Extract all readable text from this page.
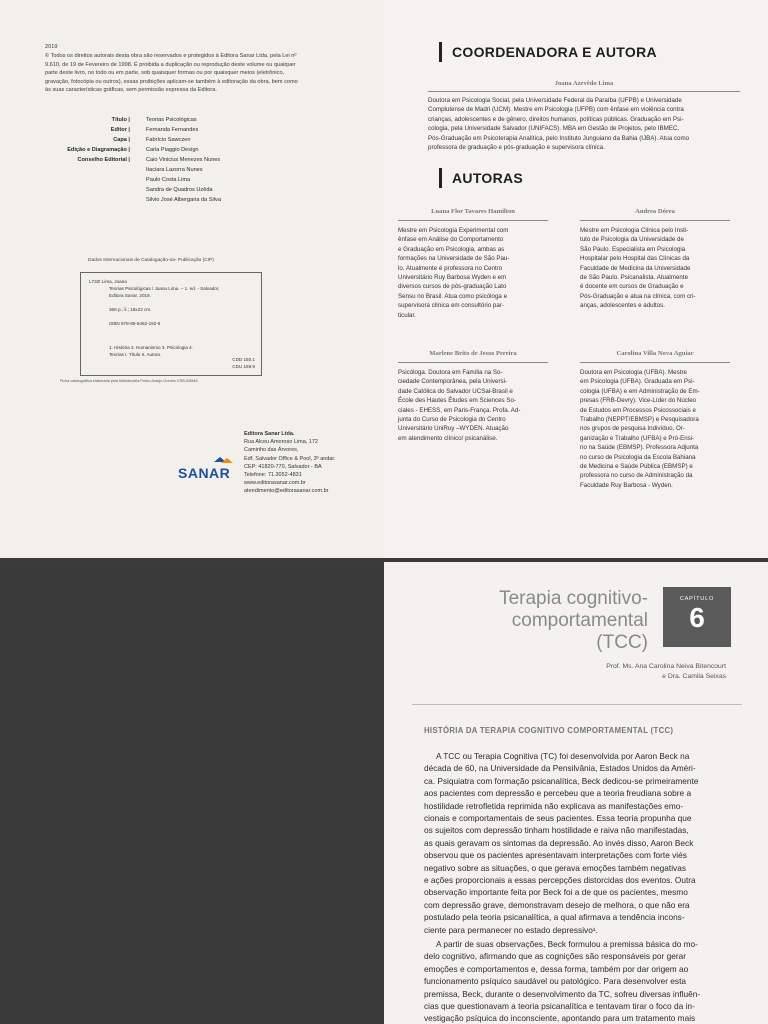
2019
© Todos os direitos autorais desta obra são reservados e protegidos à Editora Sanar Ltda. pela Lei nº
9.610, de 19 de Fevereiro de 1998. É proibida a duplicação ou reprodução deste volume ou qualquer
parte deste livro, no todo ou em parte, sob quaisquer formas ou por quaisquer meios (eletrônico,
gravação, fotocópia ou outros), essas proibições aplicam-se também à editoração da obra, bem como
às suas características gráficas, sem permissão expressa da Editora.
Título |	Teorias Psicológicas
Editor |	Fernanda Fernandes
Capa |	Fabrício Sawczen
Edição e Diagramação |	Carla Piaggio Design
Conselho Editorial |	Caio Vinicius Menezes Nunes
Itaciara Lazorra Nunes
Paulo Costa Lima
Sandra de Quadros Uzêda
Silvio José Albergaria da Silva
Dados Internacionais de Catalogação-na- Publicação (CIP)
L732t Lima, Joana
Teorias Psicológicas / Joana Lima. – 1. ed. - Salvador,
Editora Sanar, 2019.
368 p.; il.; 16x23 cm.
ISBN 978-85-5462-192-6
1. História 2. Humanismo 3. Psicologia 4.
Teorias I. Título II. Autora.
CDD 150.1
CDU 159.9
Ficha catalográfica elaborada pela bibliotecária Pedro Araújo Gomes CRB-5/0846
SANAR
Editora Sanar Ltda.
Rua Alceu Amoroso Lima, 172
Caminho das Árvores,
Edf. Salvador Office & Pool, 3º andar.
CEP: 41820-770, Salvador - BA
Telefone: 71.3052-4831
www.editorasanar.com.br
atendimento@editorasanar.com.br
COORDENADORA E AUTORA
Joana Azevêdo Lima
Doutora em Psicologia Social, pela Universidade Federal da Paraíba (UFPB) e Universidade
Complutense de Madri (UCM). Mestre em Psicologia (UFPB) com ênfase em violência contra
crianças, adolescentes e de gênero, direitos humanos, políticas públicas. Graduação em Psi-
cologia, pela Universidade Salvador (UNIFACS). MBA em Gestão de Projetos, pelo IBMEC.
Pós-Graduação em Psicoterapia Analítica, pelo Instituto Junguiano da Bahia (IJBA). Atua como
professora de graduação e pós-graduação e supervisora clínica.
AUTORAS
Luana Flor Tavares Hamilton
Mestre em Psicologia Experimental com
ênfase em Análise do Comportamento
e Graduação em Psicologia, ambas as
formações na Universidade de São Pau-
lo. Atualmente é professora no Centro
Universitário Ruy Barbosa Wyden e em
diversos cursos de pós-graduação Lato
Sensu no Brasil. Atua como psicóloga e
supervisora clínica em consultório par-
ticular.
Andrea Dórea
Mestre em Psicologia Clínica pelo Insti-
tuto de Psicologia da Universidade de
São Paulo. Especialista em Psicologia
Hospitalar pelo Hospital das Clínicas da
Faculdade de Medicina da Universidade
de São Paulo. Psicanalista. Atualmente
é docente em cursos de Graduação e
Pós-Graduação e atua na clínica, com cri-
anças, adolescentes e adultos.
Marlene Brito de Jesus Pereira
Psicóloga. Doutora em Família na So-
ciedade Contemporânea, pela Universi-
dade Católica do Salvador UCSal-Brasil e
École des Hautes Études em Sciences So-
ciales - EHESS, em Paris-França. Profa. Ad-
junta do Curso de Psicologia do Centro
Universitário UniRuy –WYDEN. Atuação
em atendimento clínico/ psicanálise.
Carolina Villa Nova Aguiar
Doutora em Psicologia (UFBA). Mestre
em Psicologia (UFBA). Graduada em Psi-
cologia (UFBA) e em Administração de Em-
presas (FRB-Devry). Vice-Líder do Núcleo
de Estudos em Processos Psicossociais e
Trabalho (NEPPT/EBMSP) e Pesquisadora
nos grupos de pesquisa Indivíduo, Or-
ganização e Trabalho (UFBA) e Pró-Ensi-
no na Saúde (EBMSP). Professora Adjunta
no curso de Psicologia da Escola Bahiana
de Medicina e Saúde Pública (EBMSP) e
professora no curso de Administração da
Faculdade Ruy Barbosa - Wyden.
Terapia cognitivo-
comportamental (TCC)
CAPÍTULO
6
Prof. Ms. Ana Carolina Neiva Bitencourt
e Dra. Camila Seixas
HISTÓRIA DA TERAPIA COGNITIVO COMPORTAMENTAL (TCC)
A TCC ou Terapia Cognitiva (TC) foi desenvolvida por Aaron Beck na
década de 60, na Universidade da Pensilvânia, Estados Unidos da Améri-
ca. Psiquiatra com formação psicanalítica, Beck dedicou-se primeiramente
aos pacientes com depressão e percebeu que a teoria freudiana sobre a
hostilidade retrofletida reprimida não explicava as manifestações emo-
cionais e comportamentais de seus pacientes. Essa teoria propunha que
os sujeitos com depressão tinham hostilidade e raiva não manifestadas,
as quais geravam os sintomas da depressão. Ao invés disso, Aaron Beck
observou que os pacientes apresentavam interpretações com forte viés
negativo sobre as situações, o que gerava emoções também negativas
e ações proporcionais a essas percepções distorcidas dos eventos. Outra
observação importante feita por Beck foi a de que os pacientes, mesmo
com depressão grave, demonstravam desejo de melhora, o que não era
postulado pela teoria psicanalítica, a qual afirmava a tendência incons-
ciente para permanecer no estado depressivo¹.
A partir de suas observações, Beck formulou a premissa básica do mo-
delo cognitivo, afirmando que as cognições são responsáveis por gerar
emoções e comportamentos e, dessa forma, também por dar origem ao
funcionamento psíquico saudável ou patológico. Para desenvolver esta
premissa, Beck, durante o desenvolvimento da TC, sofreu diversas influên-
cias que questionavam a teoria psicanalítica e tentavam tirar o foco da in-
vestigação psíquica do inconsciente, apontando para um tratamento mais
